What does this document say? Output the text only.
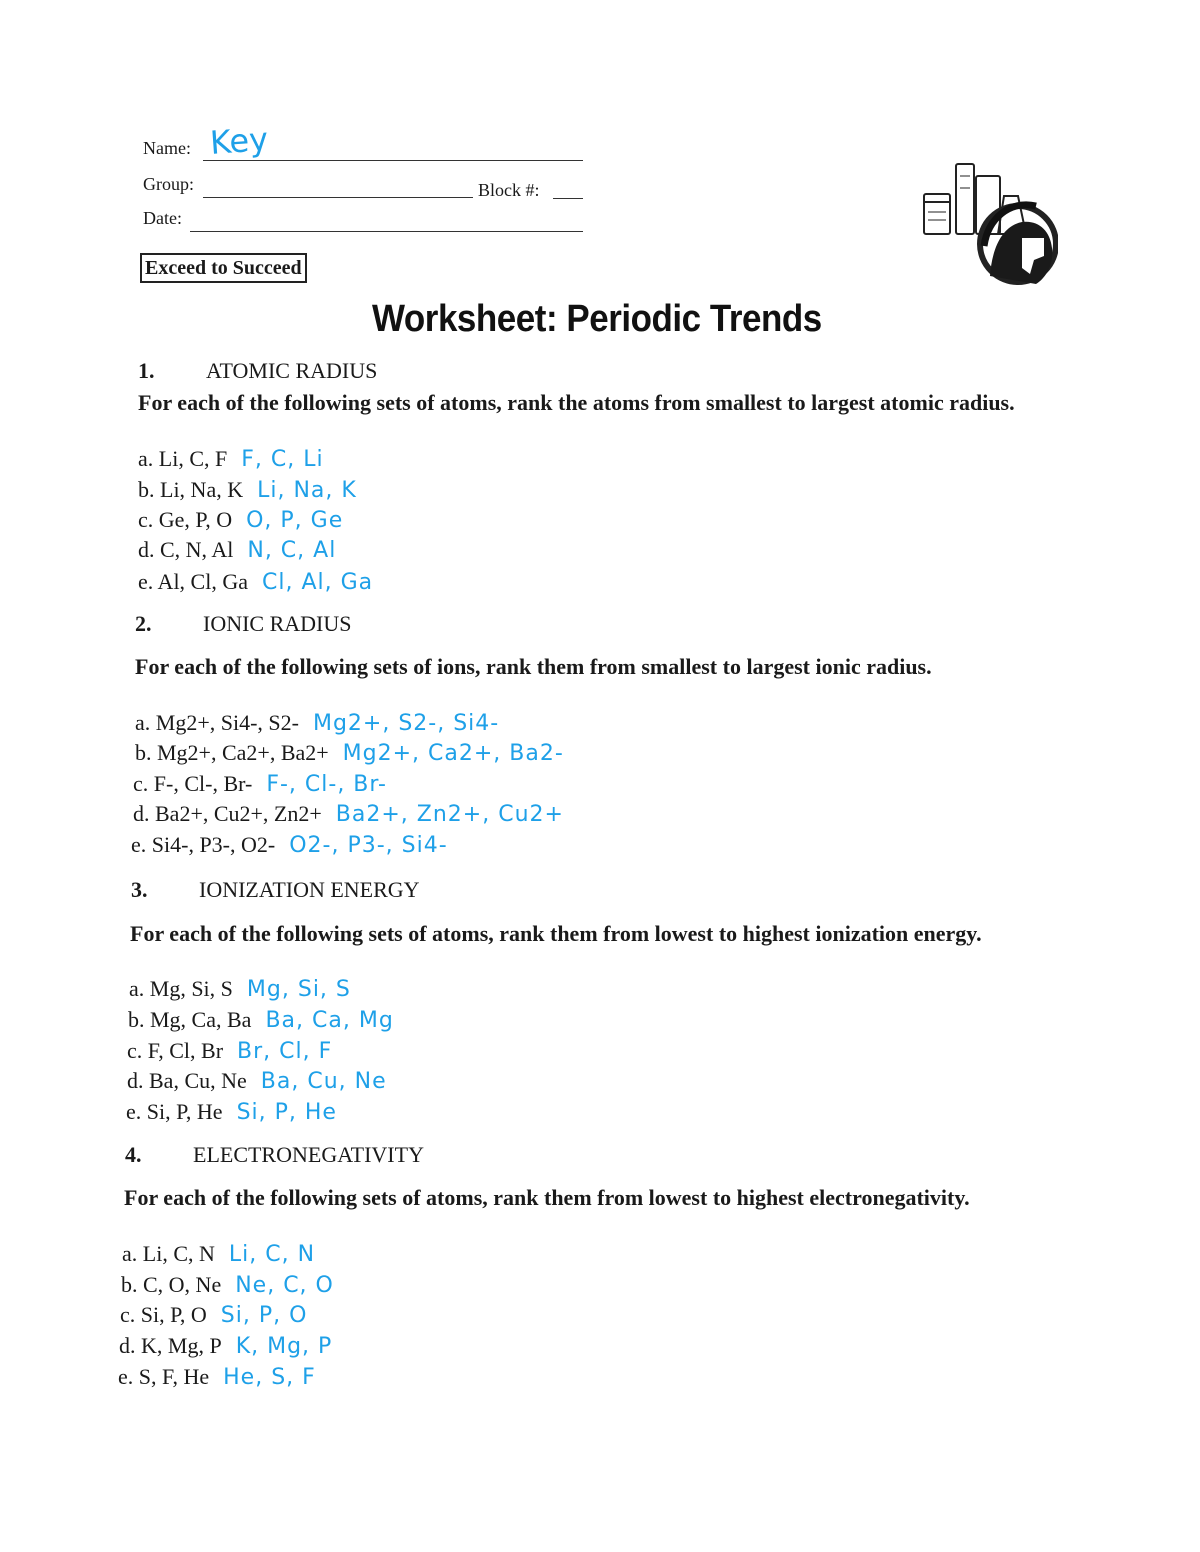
Name: Key
Group:	Block #:
Date:
Exceed to Succeed
Worksheet: Periodic Trends
1. ATOMIC RADIUS
For each of the following sets of atoms, rank the atoms from smallest to largest atomic radius.
a. Li, C, F F, C, Li
b. Li, Na, K Li, Na, K
c. Ge, P, O O, P, Ge
d. C, N, Al N, C, Al
e. Al, Cl, Ga Cl, Al, Ga
2. IONIC RADIUS
For each of the following sets of ions, rank them from smallest to largest ionic radius.
a. Mg2+, Si4-, S2- Mg2+, S2-, Si4-
b. Mg2+, Ca2+, Ba2+ Mg2+, Ca2+, Ba2-
c. F-, Cl-, Br- F-, Cl-, Br-
d. Ba2+, Cu2+, Zn2+ Ba2+, Zn2+, Cu2+
e. Si4-, P3-, O2- O2-, P3-, Si4-
3. IONIZATION ENERGY
For each of the following sets of atoms, rank them from lowest to highest ionization energy.
a. Mg, Si, S Mg, Si, S
b. Mg, Ca, Ba Ba, Ca, Mg
c. F, Cl, Br Br, Cl, F
d. Ba, Cu, Ne Ba, Cu, Ne
e. Si, P, He Si, P, He
4. ELECTRONEGATIVITY
For each of the following sets of atoms, rank them from lowest to highest electronegativity.
a. Li, C, N Li, C, N
b. C, O, Ne Ne, C, O
c. Si, P, O Si, P, O
d. K, Mg, P K, Mg, P
e. S, F, He He, S, F
